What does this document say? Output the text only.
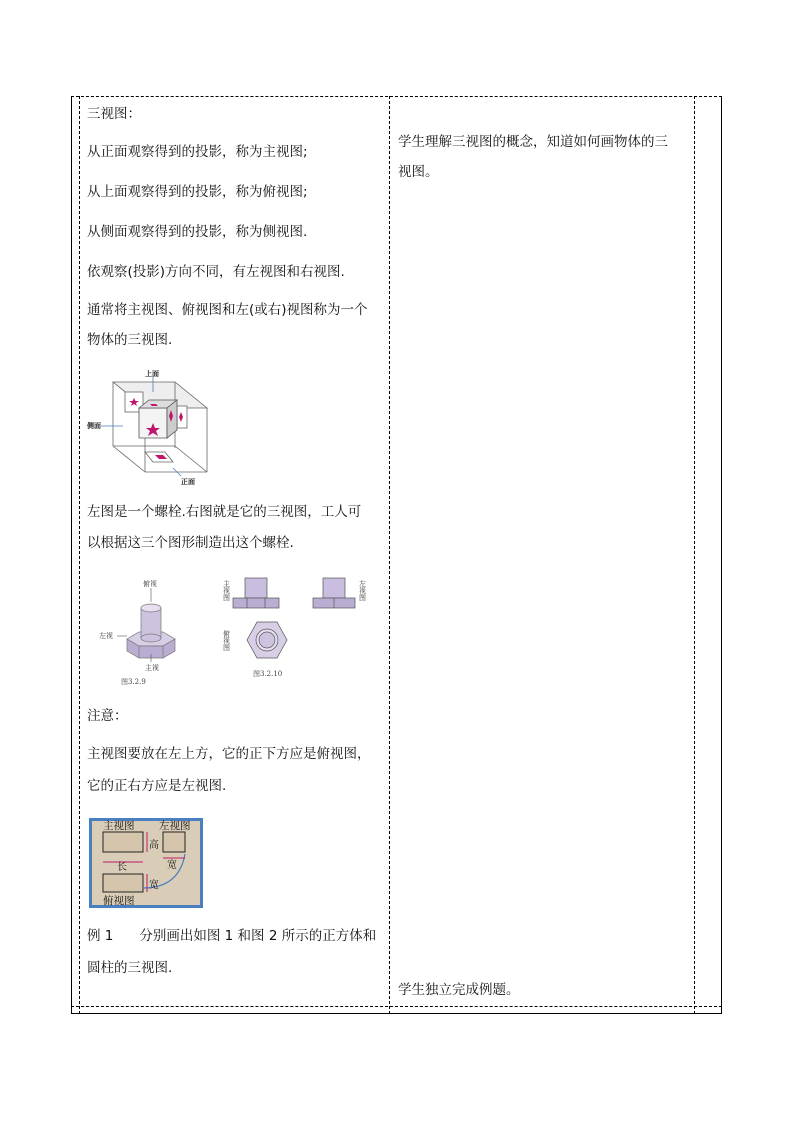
三视图：
从正面观察得到的投影，称为主视图;
从上面观察得到的投影，称为俯视图;
从侧面观察得到的投影，称为侧视图.
依观察(投影)方向不同，有左视图和右视图.
通常将主视图、俯视图和左(或右)视图称为一个
物体的三视图.
上面
侧面
正面
左图是一个螺栓.右图就是它的三视图，工人可
以根据这三个图形制造出这个螺栓.
俯视
左视
主视
图3.2.9
主
视
图
左
视
图
俯
视
图
图3.2.10
注意：
主视图要放在左上方，它的正下方应是俯视图，
它的正右方应是左视图.
主视图 左视图
俯视图
高
长	宽
宽
例 1 分别画出如图 1 和图 2 所示的正方体和
圆柱的三视图.
学生理解三视图的概念，知道如何画物体的三
视图。
学生独立完成例题。
